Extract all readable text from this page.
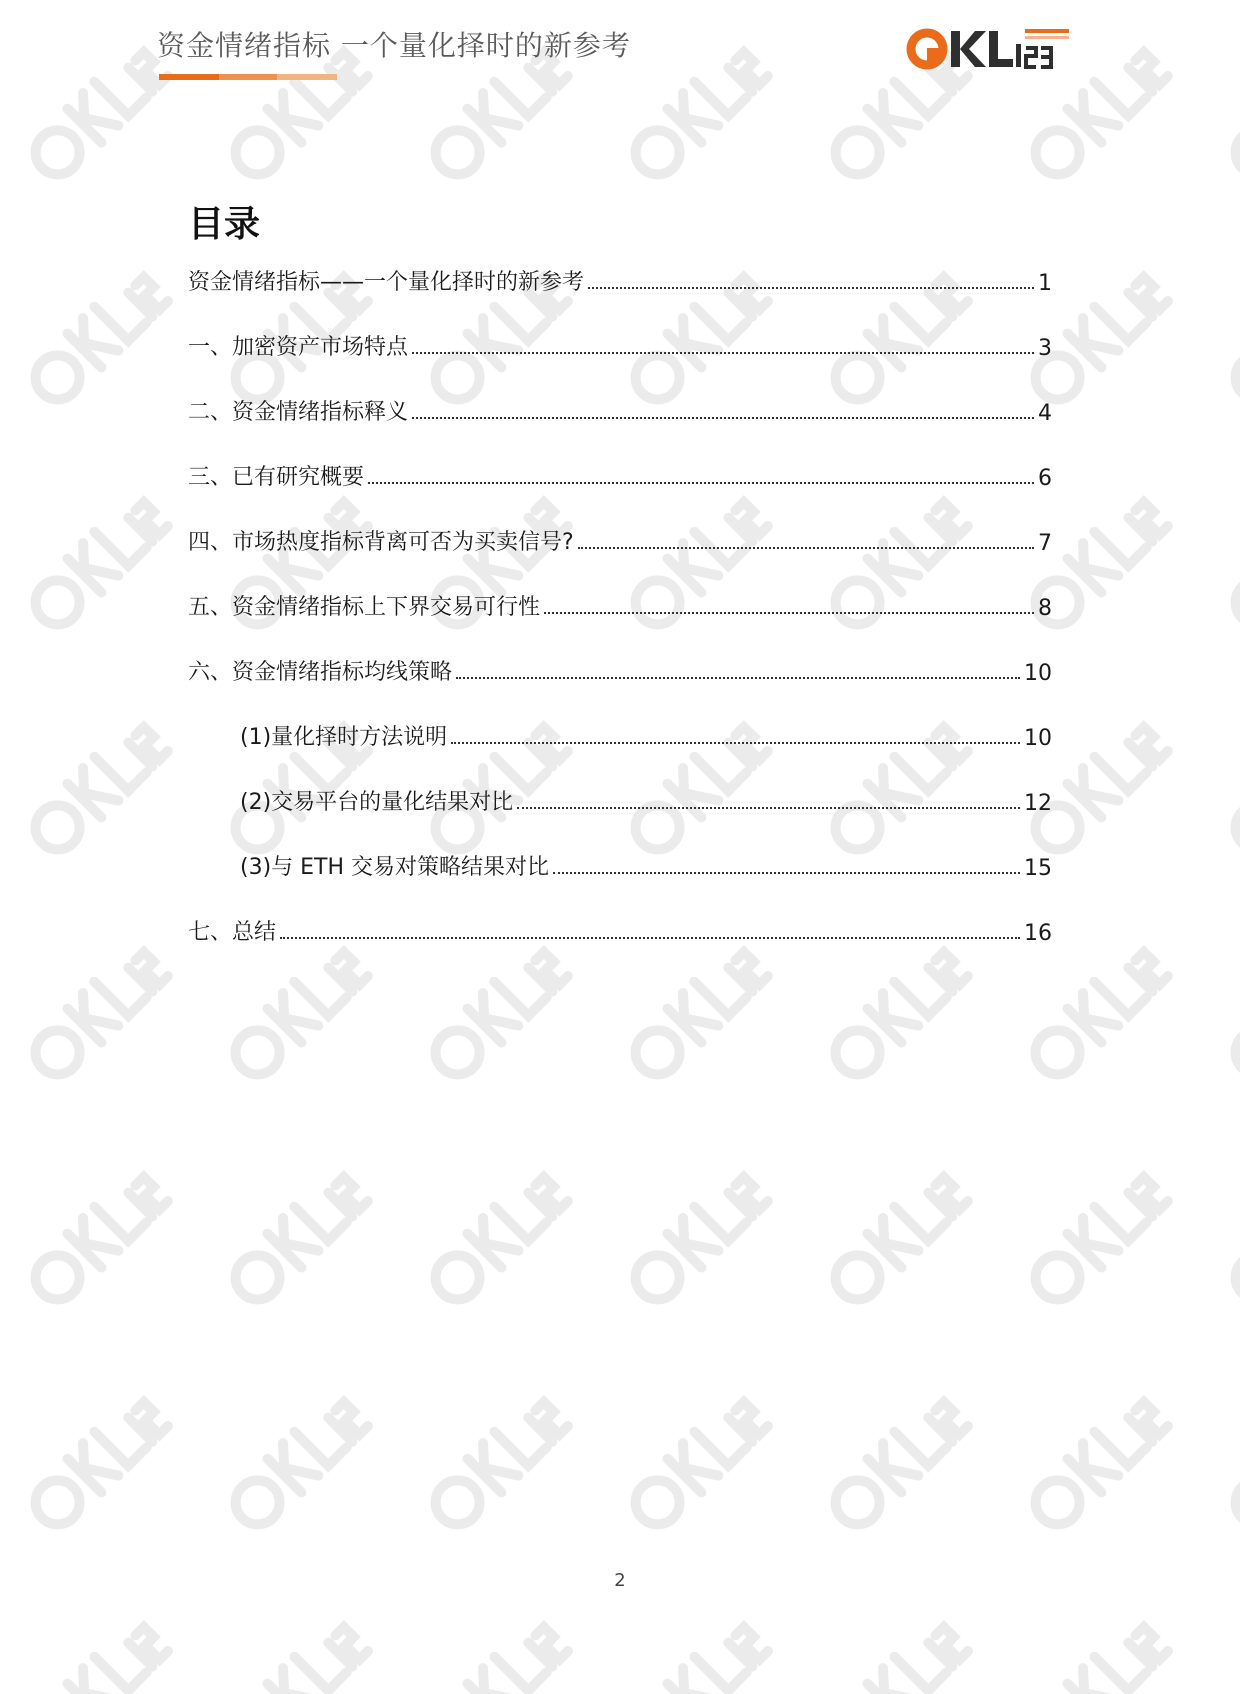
资金情绪指标 一个量化择时的新参考
目录
资金情绪指标——一个量化择时的新参考	1
一、加密资产市场特点	3
二、资金情绪指标释义	4
三、已有研究概要	6
四、市场热度指标背离可否为买卖信号?	7
五、资金情绪指标上下界交易可行性	8
六、资金情绪指标均线策略	10
(1)量化择时方法说明	10
(2)交易平台的量化结果对比	12
(3)与 ETH 交易对策略结果对比	15
七、总结	16
2
